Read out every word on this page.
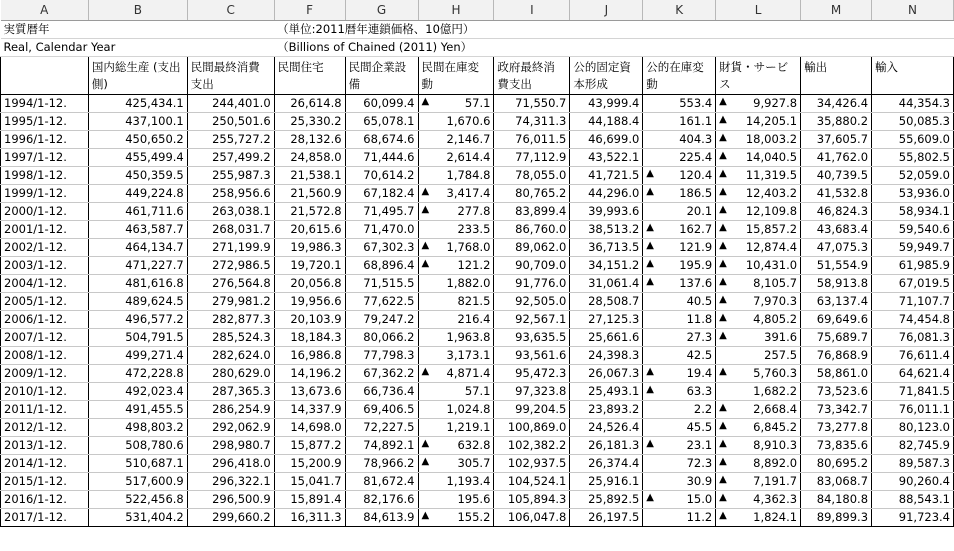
A	B	C	F	G	H	I	J	K	L	M	N
実質暦年			（単位:2011暦年連鎖価格、10億円）								
Real, Calendar Year			（Billions of Chained (2011) Yen）								
	国内総生産 (支出側)	民間最終消費支出	民間住宅	民間企業設備	民間在庫変動	政府最終消費支出	公的固定資本形成	公的在庫変動	財貨・サービス	輸出	輸入
1994/1-12.	425,434.1	244,401.0	26,614.8	60,099.4	▲ 57.1	71,550.7	43,999.4	553.4	▲ 9,927.8	34,426.4	44,354.3
1995/1-12.	437,100.1	250,501.6	25,330.2	65,078.1	1,670.6	74,311.3	44,188.4	161.1	▲ 14,205.1	35,880.2	50,085.3
1996/1-12.	450,650.2	255,727.2	28,132.6	68,674.6	2,146.7	76,011.5	46,699.0	404.3	▲ 18,003.2	37,605.7	55,609.0
1997/1-12.	455,499.4	257,499.2	24,858.0	71,444.6	2,614.4	77,112.9	43,522.1	225.4	▲ 14,040.5	41,762.0	55,802.5
1998/1-12.	450,359.5	255,987.3	21,538.1	70,614.2	1,784.8	78,055.0	41,721.5	▲ 120.4	▲ 11,319.5	40,739.5	52,059.0
1999/1-12.	449,224.8	258,956.6	21,560.9	67,182.4	▲ 3,417.4	80,765.2	44,296.0	▲ 186.5	▲ 12,403.2	41,532.8	53,936.0
2000/1-12.	461,711.6	263,038.1	21,572.8	71,495.7	▲ 277.8	83,899.4	39,993.6	20.1	▲ 12,109.8	46,824.3	58,934.1
2001/1-12.	463,587.7	268,031.7	20,615.6	71,470.0	233.5	86,760.0	38,513.2	▲ 162.7	▲ 15,857.2	43,683.4	59,540.6
2002/1-12.	464,134.7	271,199.9	19,986.3	67,302.3	▲ 1,768.0	89,062.0	36,713.5	▲ 121.9	▲ 12,874.4	47,075.3	59,949.7
2003/1-12.	471,227.7	272,986.5	19,720.1	68,896.4	▲ 121.2	90,709.0	34,151.2	▲ 195.9	▲ 10,431.0	51,554.9	61,985.9
2004/1-12.	481,616.8	276,564.8	20,056.8	71,515.5	1,882.0	91,776.0	31,061.4	▲ 137.6	▲ 8,105.7	58,913.8	67,019.5
2005/1-12.	489,624.5	279,981.2	19,956.6	77,622.5	821.5	92,505.0	28,508.7	40.5	▲ 7,970.3	63,137.4	71,107.7
2006/1-12.	496,577.2	282,877.3	20,103.9	79,247.2	216.4	92,567.1	27,125.3	11.8	▲ 4,805.2	69,649.6	74,454.8
2007/1-12.	504,791.5	285,524.3	18,184.3	80,066.2	1,963.8	93,635.5	25,661.6	27.3	▲ 391.6	75,689.7	76,081.3
2008/1-12.	499,271.4	282,624.0	16,986.8	77,798.3	3,173.1	93,561.6	24,398.3	42.5	257.5	76,868.9	76,611.4
2009/1-12.	472,228.8	280,629.0	14,196.2	67,362.2	▲ 4,871.4	95,472.3	26,067.3	▲ 19.4	▲ 5,760.3	58,861.0	64,621.4
2010/1-12.	492,023.4	287,365.3	13,673.6	66,736.4	57.1	97,323.8	25,493.1	▲ 63.3	1,682.2	73,523.6	71,841.5
2011/1-12.	491,455.5	286,254.9	14,337.9	69,406.5	1,024.8	99,204.5	23,893.2	2.2	▲ 2,668.4	73,342.7	76,011.1
2012/1-12.	498,803.2	292,062.9	14,698.0	72,227.5	1,219.1	100,869.0	24,526.4	45.5	▲ 6,845.2	73,277.8	80,123.0
2013/1-12.	508,780.6	298,980.7	15,877.2	74,892.1	▲ 632.8	102,382.2	26,181.3	▲ 23.1	▲ 8,910.3	73,835.6	82,745.9
2014/1-12.	510,687.1	296,418.0	15,200.9	78,966.2	▲ 305.7	102,937.5	26,374.4	72.3	▲ 8,892.0	80,695.2	89,587.3
2015/1-12.	517,600.9	296,322.1	15,041.7	81,672.4	1,193.4	104,524.1	25,916.1	30.9	▲ 7,191.7	83,068.7	90,260.4
2016/1-12.	522,456.8	296,500.9	15,891.4	82,176.6	195.6	105,894.3	25,892.5	▲ 15.0	▲ 4,362.3	84,180.8	88,543.1
2017/1-12.	531,404.2	299,660.2	16,311.3	84,613.9	▲ 155.2	106,047.8	26,197.5	11.2	▲ 1,824.1	89,899.3	91,723.4
